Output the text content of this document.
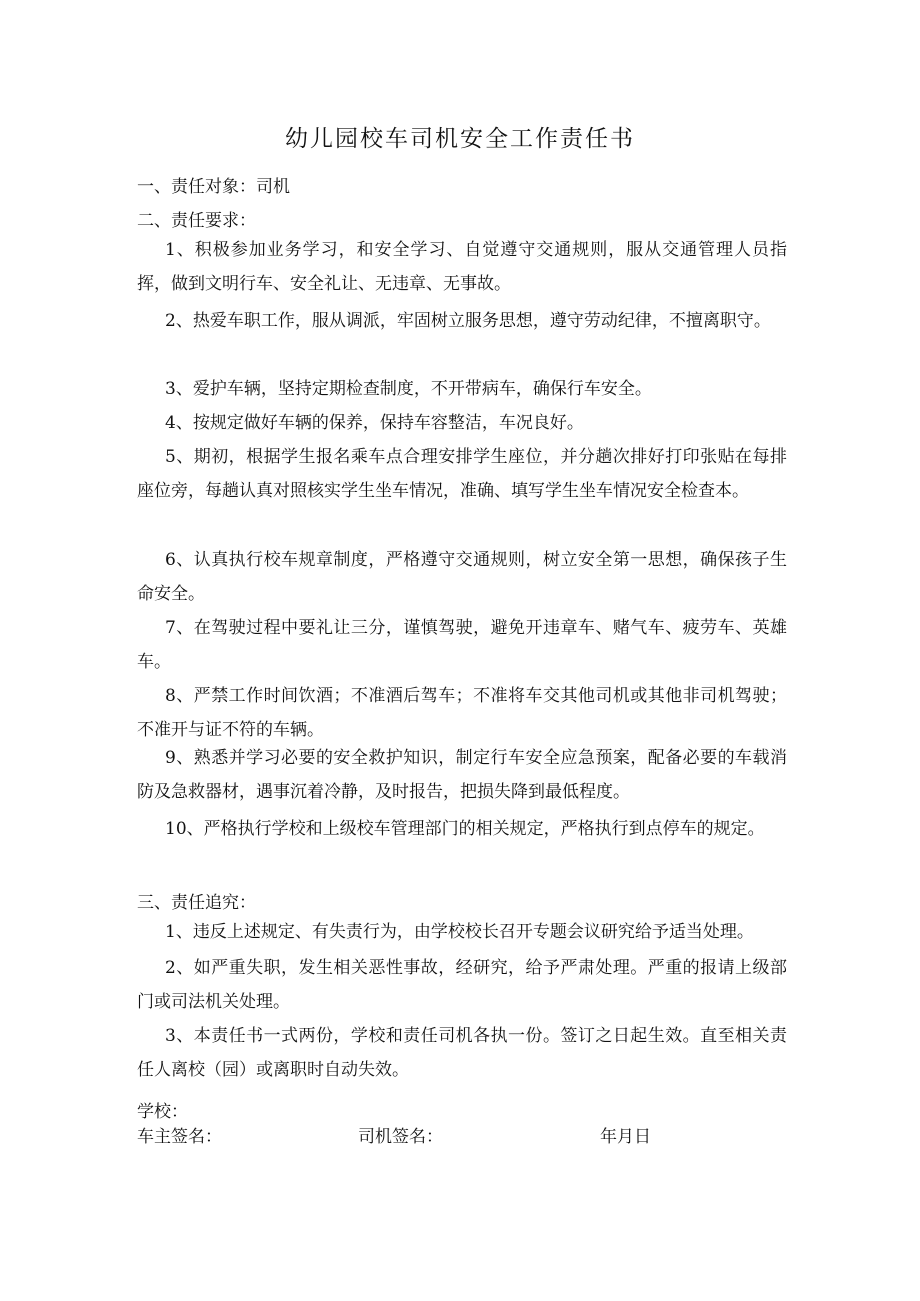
幼儿园校车司机安全工作责任书
一、责任对象：司机
二、责任要求：
1、积极参加业务学习，和安全学习、自觉遵守交通规则，服从交通管理人员指挥，做到文明行车、安全礼让、无违章、无事故。
2、热爱车职工作，服从调派，牢固树立服务思想，遵守劳动纪律，不擅离职守。
3、爱护车辆，坚持定期检查制度，不开带病车，确保行车安全。
4、按规定做好车辆的保养，保持车容整洁，车况良好。
5、期初，根据学生报名乘车点合理安排学生座位，并分趟次排好打印张贴在每排座位旁，每趟认真对照核实学生坐车情况，准确、填写学生坐车情况安全检查本。
6、认真执行校车规章制度，严格遵守交通规则，树立安全第一思想，确保孩子生命安全。
7、在驾驶过程中要礼让三分，谨慎驾驶，避免开违章车、赌气车、疲劳车、英雄车。
8、严禁工作时间饮酒；不准酒后驾车；不准将车交其他司机或其他非司机驾驶；不准开与证不符的车辆。
9、熟悉并学习必要的安全救护知识，制定行车安全应急预案，配备必要的车载消防及急救器材，遇事沉着冷静，及时报告，把损失降到最低程度。
10、严格执行学校和上级校车管理部门的相关规定，严格执行到点停车的规定。
三、责任追究：
1、违反上述规定、有失责行为，由学校校长召开专题会议研究给予适当处理。
2、如严重失职，发生相关恶性事故，经研究，给予严肃处理。严重的报请上级部门或司法机关处理。
3、本责任书一式两份，学校和责任司机各执一份。签订之日起生效。直至相关责任人离校（园）或离职时自动失效。
学校：
车主签名：	司机签名：	年月日
